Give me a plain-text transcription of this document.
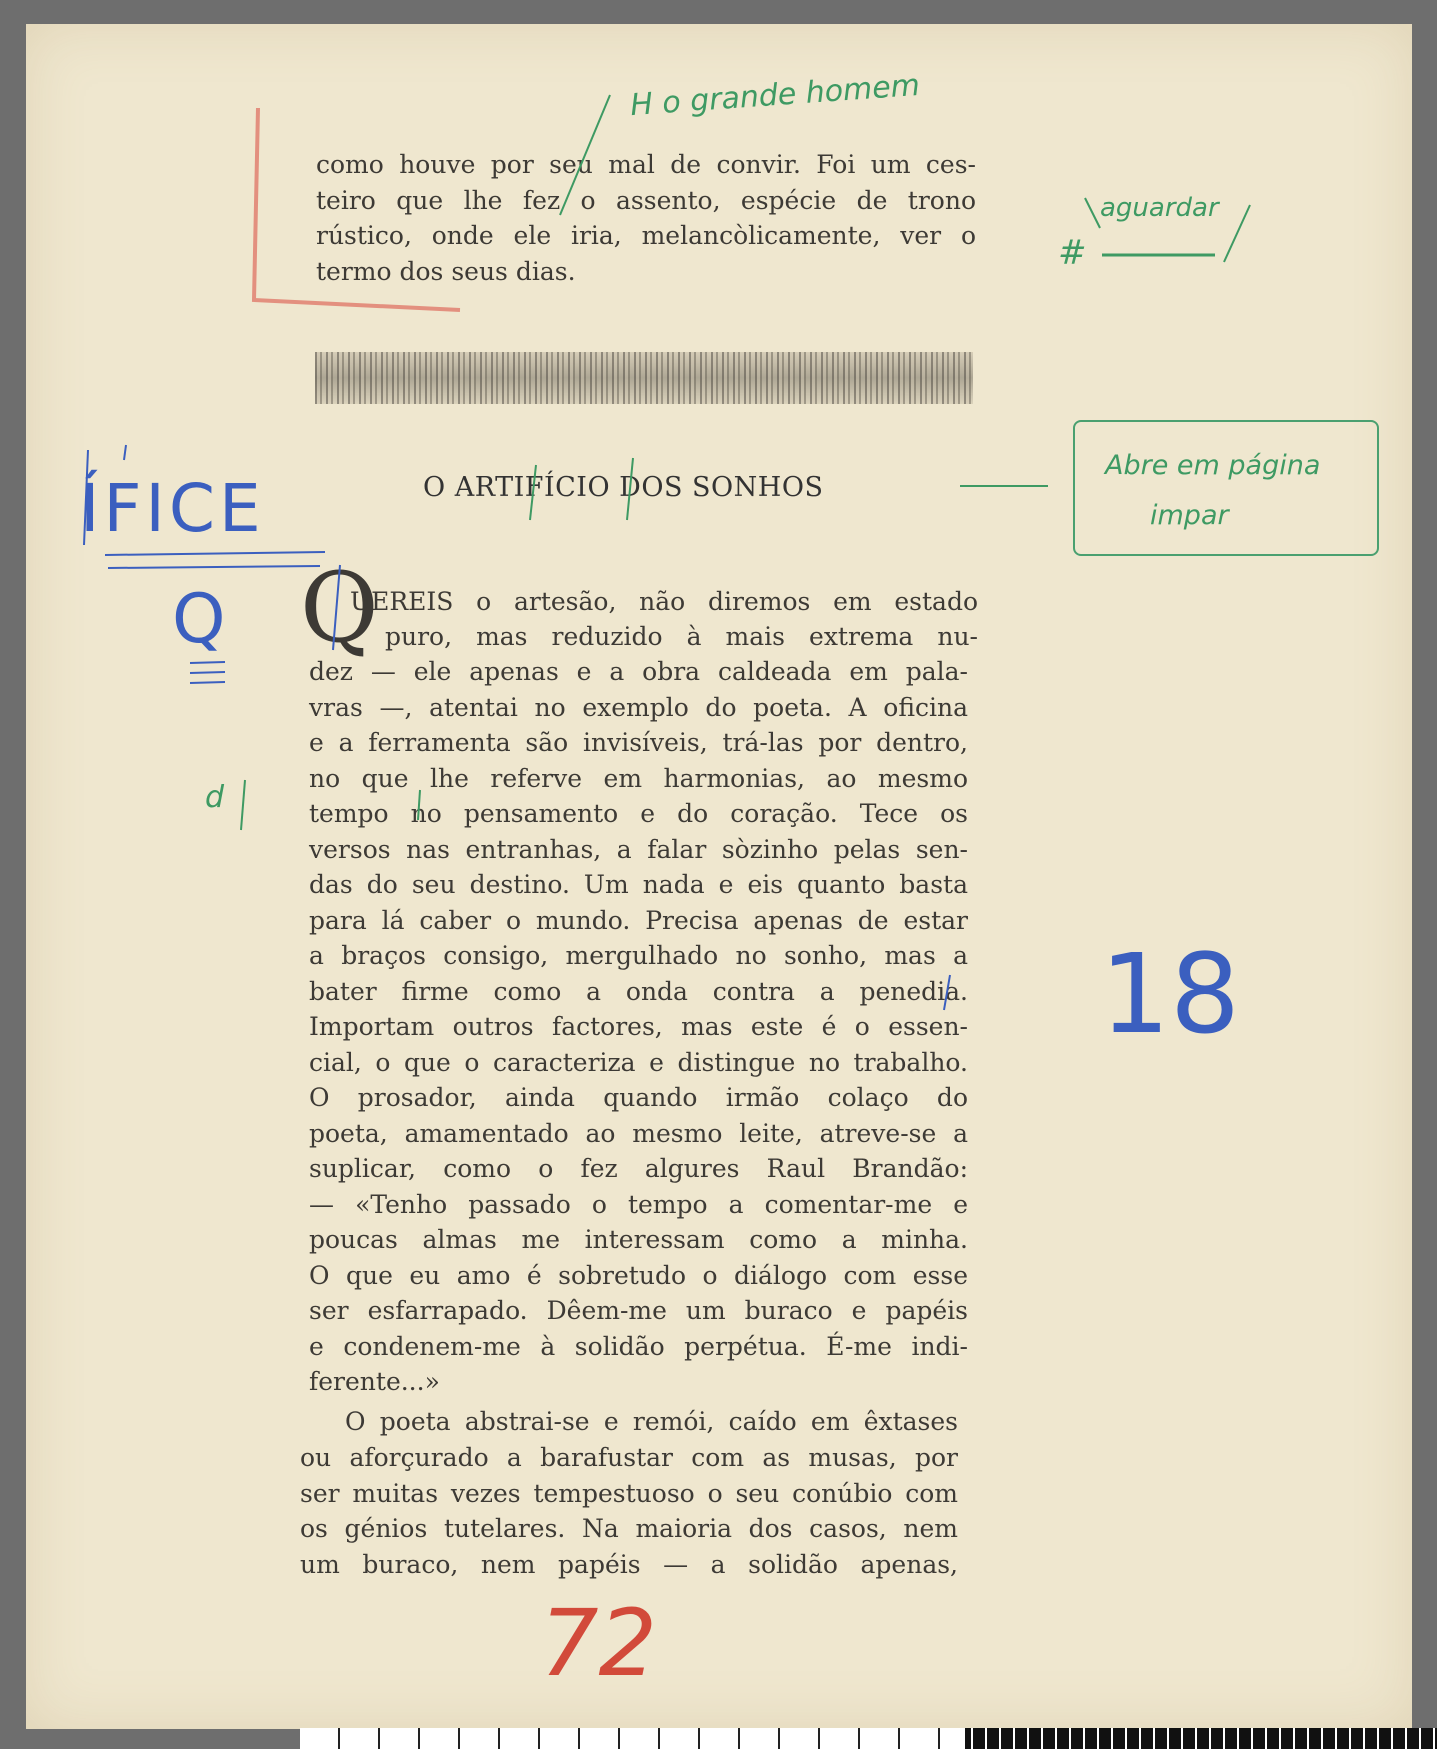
como houve por seu mal de convir. Foi um ces-
teiro que lhe fez o assento, espécie de trono
rústico, onde ele iria, melancòlicamente, ver o
termo dos seus dias.
O ARTIFÍCIO DOS SONHOS
Q
UEREIS o artesão, não diremos em estado
puro, mas reduzido à mais extrema nu-
dez — ele apenas e a obra caldeada em pala-
vras —, atentai no exemplo do poeta. A oficina
e a ferramenta são invisíveis, trá-las por dentro,
no que lhe referve em harmonias, ao mesmo
tempo no pensamento e do coração. Tece os
versos nas entranhas, a falar sòzinho pelas sen-
das do seu destino. Um nada e eis quanto basta
para lá caber o mundo. Precisa apenas de estar
a braços consigo, mergulhado no sonho, mas a
bater firme como a onda contra a penedia.
Importam outros factores, mas este é o essen-
cial, o que o caracteriza e distingue no trabalho.
O prosador, ainda quando irmão colaço do
poeta, amamentado ao mesmo leite, atreve-se a
suplicar, como o fez algures Raul Brandão:
— «Tenho passado o tempo a comentar-me e
poucas almas me interessam como a minha.
O que eu amo é sobretudo o diálogo com esse
ser esfarrapado. Dêem-me um buraco e papéis
e condenem-me à solidão perpétua. É-me indi-
ferente...»
O poeta abstrai-se e remói, caído em êxtases
ou aforçurado a barafustar com as musas, por
ser muitas vezes tempestuoso o seu conúbio com
os génios tutelares. Na maioria dos casos, nem
um buraco, nem papéis — a solidão apenas,
H o grande homem
aguardar
#
Abre em página
impar
ÍFICE
Q
d
18
72
